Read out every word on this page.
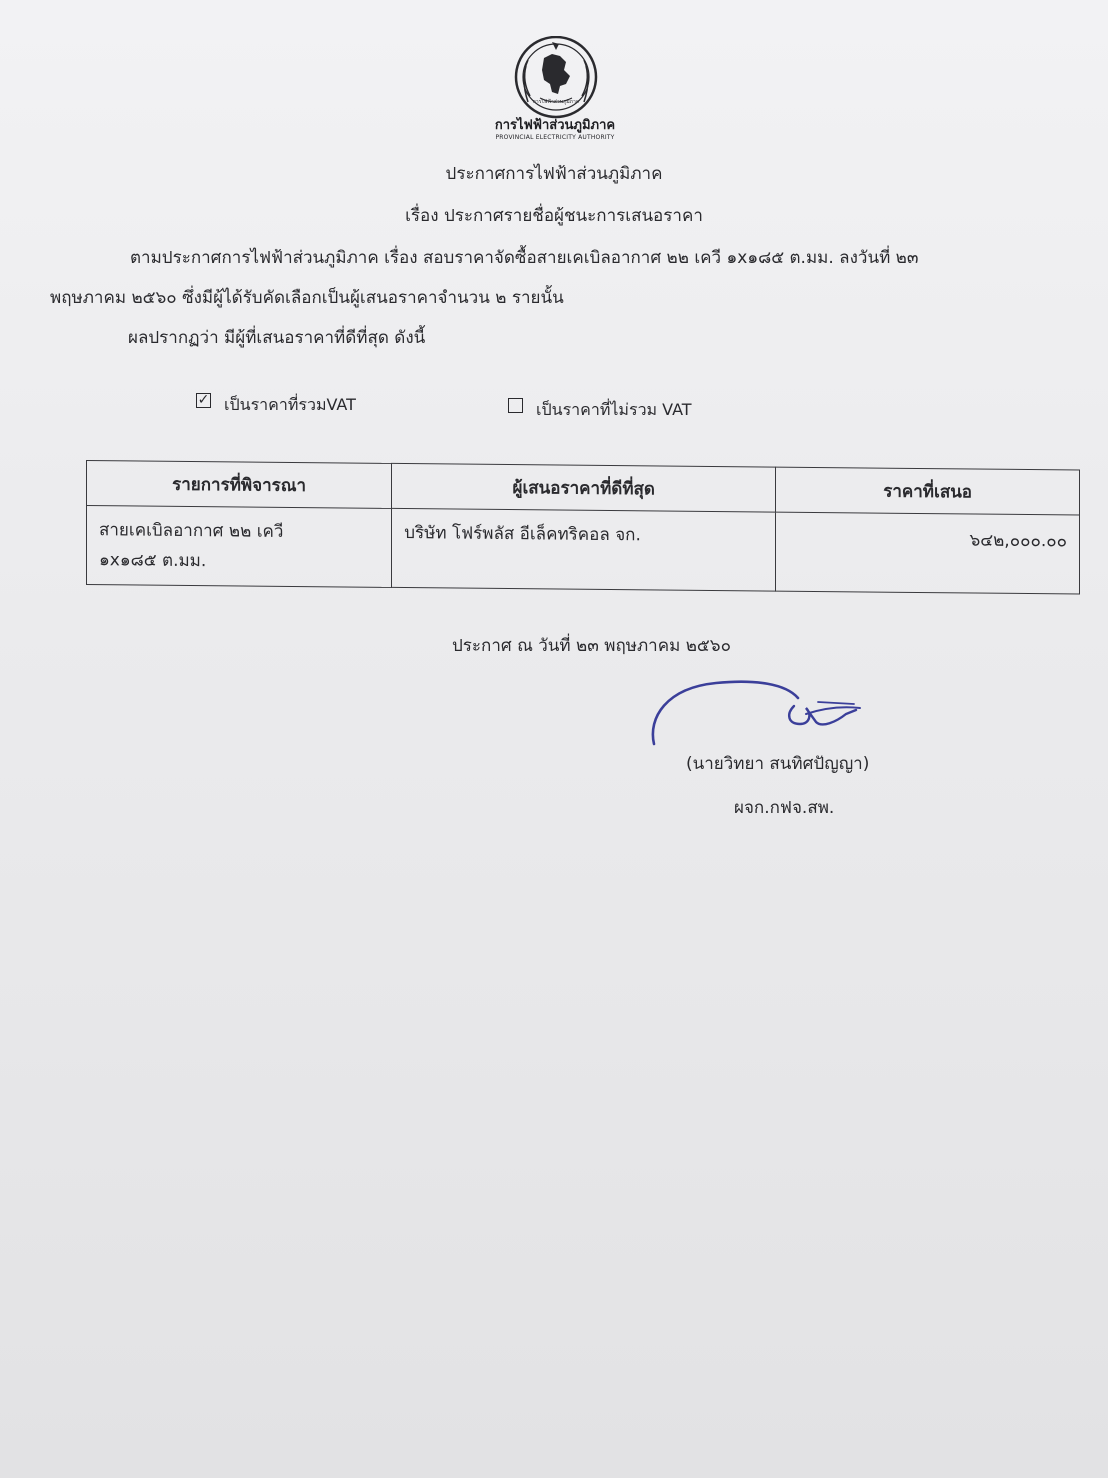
การไฟฟ้าส่วนภูมิภาค
การไฟฟ้าส่วนภูมิภาค
PROVINCIAL ELECTRICITY AUTHORITY
ประกาศการไฟฟ้าส่วนภูมิภาค
เรื่อง ประกาศรายชื่อผู้ชนะการเสนอราคา
ตามประกาศการไฟฟ้าส่วนภูมิภาค เรื่อง สอบราคาจัดซื้อสายเคเบิลอากาศ ๒๒ เควี ๑x๑๘๕ ต.มม. ลงวันที่ ๒๓
พฤษภาคม ๒๕๖๐ ซึ่งมีผู้ได้รับคัดเลือกเป็นผู้เสนอราคาจำนวน ๒ รายนั้น
ผลปรากฏว่า มีผู้ที่เสนอราคาที่ดีที่สุด ดังนี้
✓ เป็นราคาที่รวมVAT	เป็นราคาที่ไม่รวม VAT
รายการที่พิจารณา	ผู้เสนอราคาที่ดีที่สุด	ราคาที่เสนอ

สายเคเบิลอากาศ ๒๒ เควี
๑x๑๘๕ ต.มม.	บริษัท โฟร์พลัส อีเล็คทริคอล จก.	๖๔๒,๐๐๐.๐๐
ประกาศ ณ วันที่ ๒๓ พฤษภาคม ๒๕๖๐
(นายวิทยา สนทิศปัญญา)
ผจก.กฟจ.สพ.
